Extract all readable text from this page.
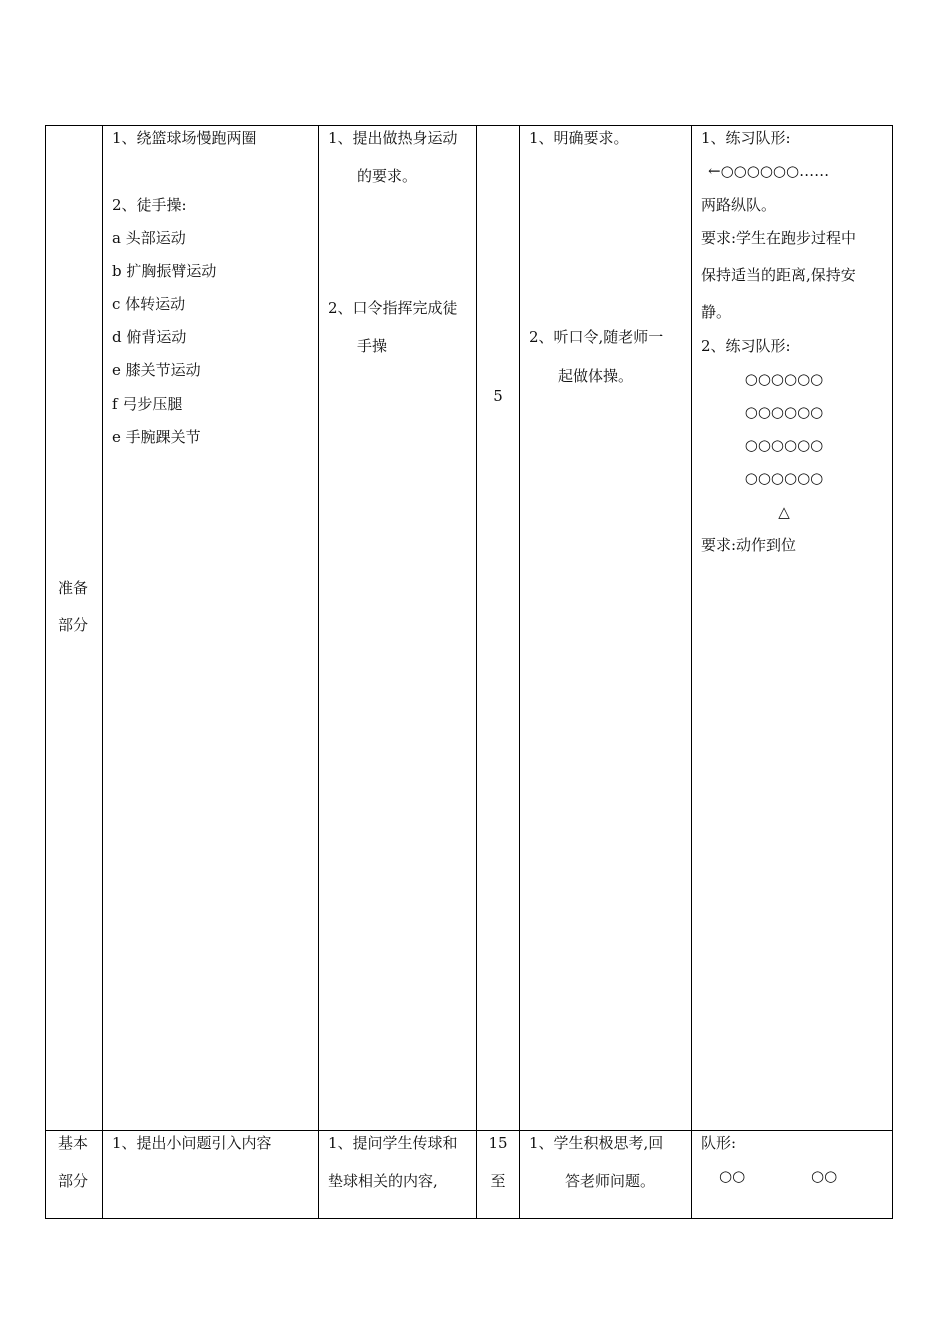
准备
部分
1、绕篮球场慢跑两圈
2、徒手操:
a 头部运动
b 扩胸振臂运动
c 体转运动
d 俯背运动
e 膝关节运动
f 弓步压腿
e 手腕踝关节
1、提出做热身运动
的要求。
2、口令指挥完成徒
手操
5
1、明确要求。
2、听口令,随老师一
起做体操。
1、练习队形:
←○○○○○○……
两路纵队。
要求:学生在跑步过程中
保持适当的距离,保持安
静。
2、练习队形:
○○○○○○
○○○○○○
○○○○○○
○○○○○○
△
要求:动作到位
基本
部分
1、提出小问题引入内容	1、提问学生传球和
垫球相关的内容,
15
至
1、学生积极思考,回
答老师问题。
队形:
○○	○○
